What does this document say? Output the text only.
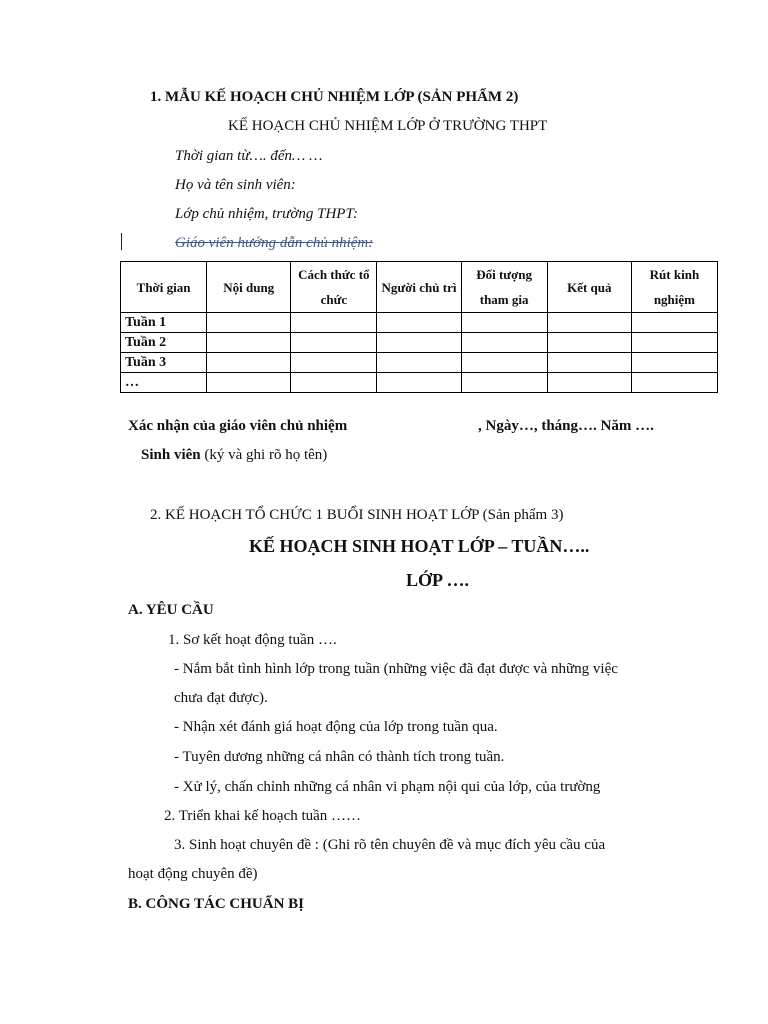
1. MẪU KẾ HOẠCH CHỦ NHIỆM LỚP (SẢN PHẨM 2)
KẾ HOẠCH CHỦ NHIỆM LỚP Ở TRƯỜNG THPT
Thời gian từ…. đến… …
Họ và tên sinh viên:
Lớp chủ nhiệm, trường THPT:
Giáo viên hướng dẫn chủ nhiệm:
Thời gian	Nội dung	Cách thức tổ chức	Người chủ trì	Đối tượng tham gia	Kết quả	Rút kinh nghiệm
Tuần 1						
Tuần 2						
Tuần 3						
…						
Xác nhận của giáo viên chủ nhiệm	, Ngày…, tháng…. Năm ….
Sinh viên (ký và ghi rõ họ tên)
2. KẾ HOẠCH TỔ CHỨC 1 BUỔI SINH HOẠT LỚP (Sản phẩm 3)
KẾ HOẠCH SINH HOẠT LỚP – TUẦN…..
LỚP ….
A. YÊU CẦU
1. Sơ kết hoạt động tuần ….
- Nắm bắt tình hình lớp trong tuần (những việc đã đạt được và những việc
chưa đạt được).
- Nhận xét đánh giá hoạt động của lớp trong tuần qua.
- Tuyên dương những cá nhân có thành tích trong tuần.
- Xử lý, chấn chỉnh những cá nhân vi phạm nội qui của lớp, của trường
2. Triển khai kế hoạch tuần ……
3. Sinh hoạt chuyên đề : (Ghi rõ tên chuyên đề và mục đích yêu cầu của
hoạt động chuyên đề)
B. CÔNG TÁC CHUẨN BỊ
